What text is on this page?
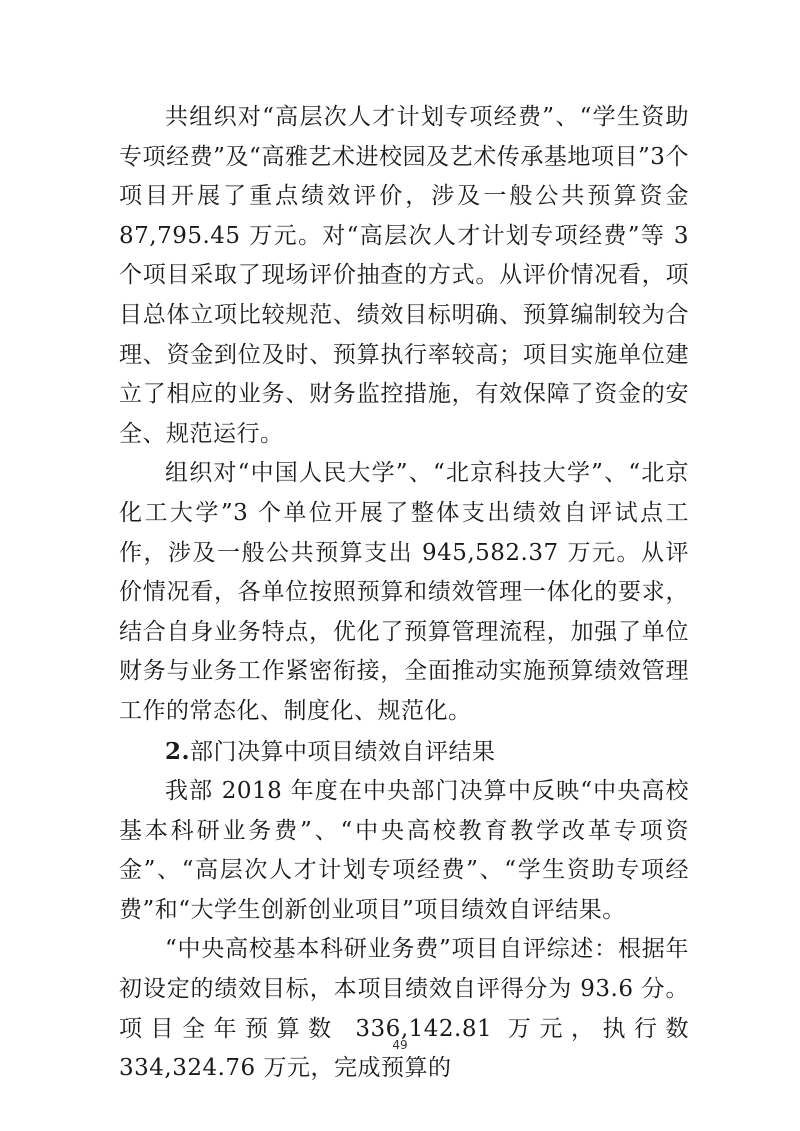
共组织对“高层次人才计划专项经费”、“学生资助专项经费”及“高雅艺术进校园及艺术传承基地项目”3个项目开展了重点绩效评价，涉及一般公共预算资金 87,795.45 万元。对“高层次人才计划专项经费”等 3 个项目采取了现场评价抽查的方式。从评价情况看，项目总体立项比较规范、绩效目标明确、预算编制较为合理、资金到位及时、预算执行率较高；项目实施单位建立了相应的业务、财务监控措施，有效保障了资金的安全、规范运行。

组织对“中国人民大学”、“北京科技大学”、“北京化工大学”3 个单位开展了整体支出绩效自评试点工作，涉及一般公共预算支出 945,582.37 万元。从评价情况看，各单位按照预算和绩效管理一体化的要求，结合自身业务特点，优化了预算管理流程，加强了单位财务与业务工作紧密衔接，全面推动实施预算绩效管理工作的常态化、制度化、规范化。

2.部门决算中项目绩效自评结果

我部 2018 年度在中央部门决算中反映“中央高校基本科研业务费”、“中央高校教育教学改革专项资金”、“高层次人才计划专项经费”、“学生资助专项经费”和“大学生创新创业项目”项目绩效自评结果。

“中央高校基本科研业务费”项目自评综述：根据年初设定的绩效目标，本项目绩效自评得分为 93.6 分。项目全年预算数 336,142.81 万元，执行数 334,324.76 万元，完成预算的

49
